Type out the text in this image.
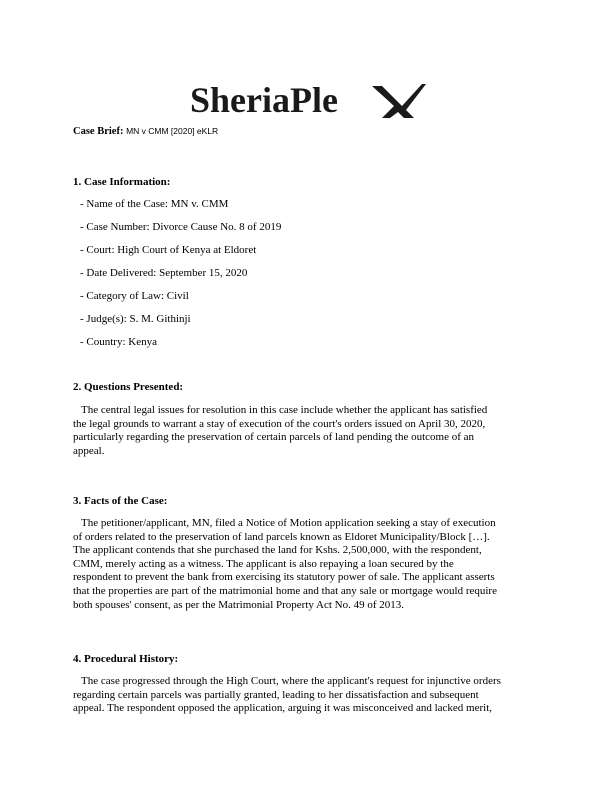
SheriaPle
X
Case Brief: MN v CMM [2020] eKLR
1. Case Information:
- Name of the Case: MN v. CMM
- Case Number: Divorce Cause No. 8 of 2019
- Court: High Court of Kenya at Eldoret
- Date Delivered: September 15, 2020
- Category of Law: Civil
- Judge(s): S. M. Githinji
- Country: Kenya
2. Questions Presented:
The central legal issues for resolution in this case include whether the applicant has satisfied
the legal grounds to warrant a stay of execution of the court's orders issued on April 30, 2020,
particularly regarding the preservation of certain parcels of land pending the outcome of an
appeal.
3. Facts of the Case:
The petitioner/applicant, MN, filed a Notice of Motion application seeking a stay of execution
of orders related to the preservation of land parcels known as Eldoret Municipality/Block […].
The applicant contends that she purchased the land for Kshs. 2,500,000, with the respondent,
CMM, merely acting as a witness. The applicant is also repaying a loan secured by the
respondent to prevent the bank from exercising its statutory power of sale. The applicant asserts
that the properties are part of the matrimonial home and that any sale or mortgage would require
both spouses' consent, as per the Matrimonial Property Act No. 49 of 2013.
4. Procedural History:
The case progressed through the High Court, where the applicant's request for injunctive orders
regarding certain parcels was partially granted, leading to her dissatisfaction and subsequent
appeal. The respondent opposed the application, arguing it was misconceived and lacked merit,
